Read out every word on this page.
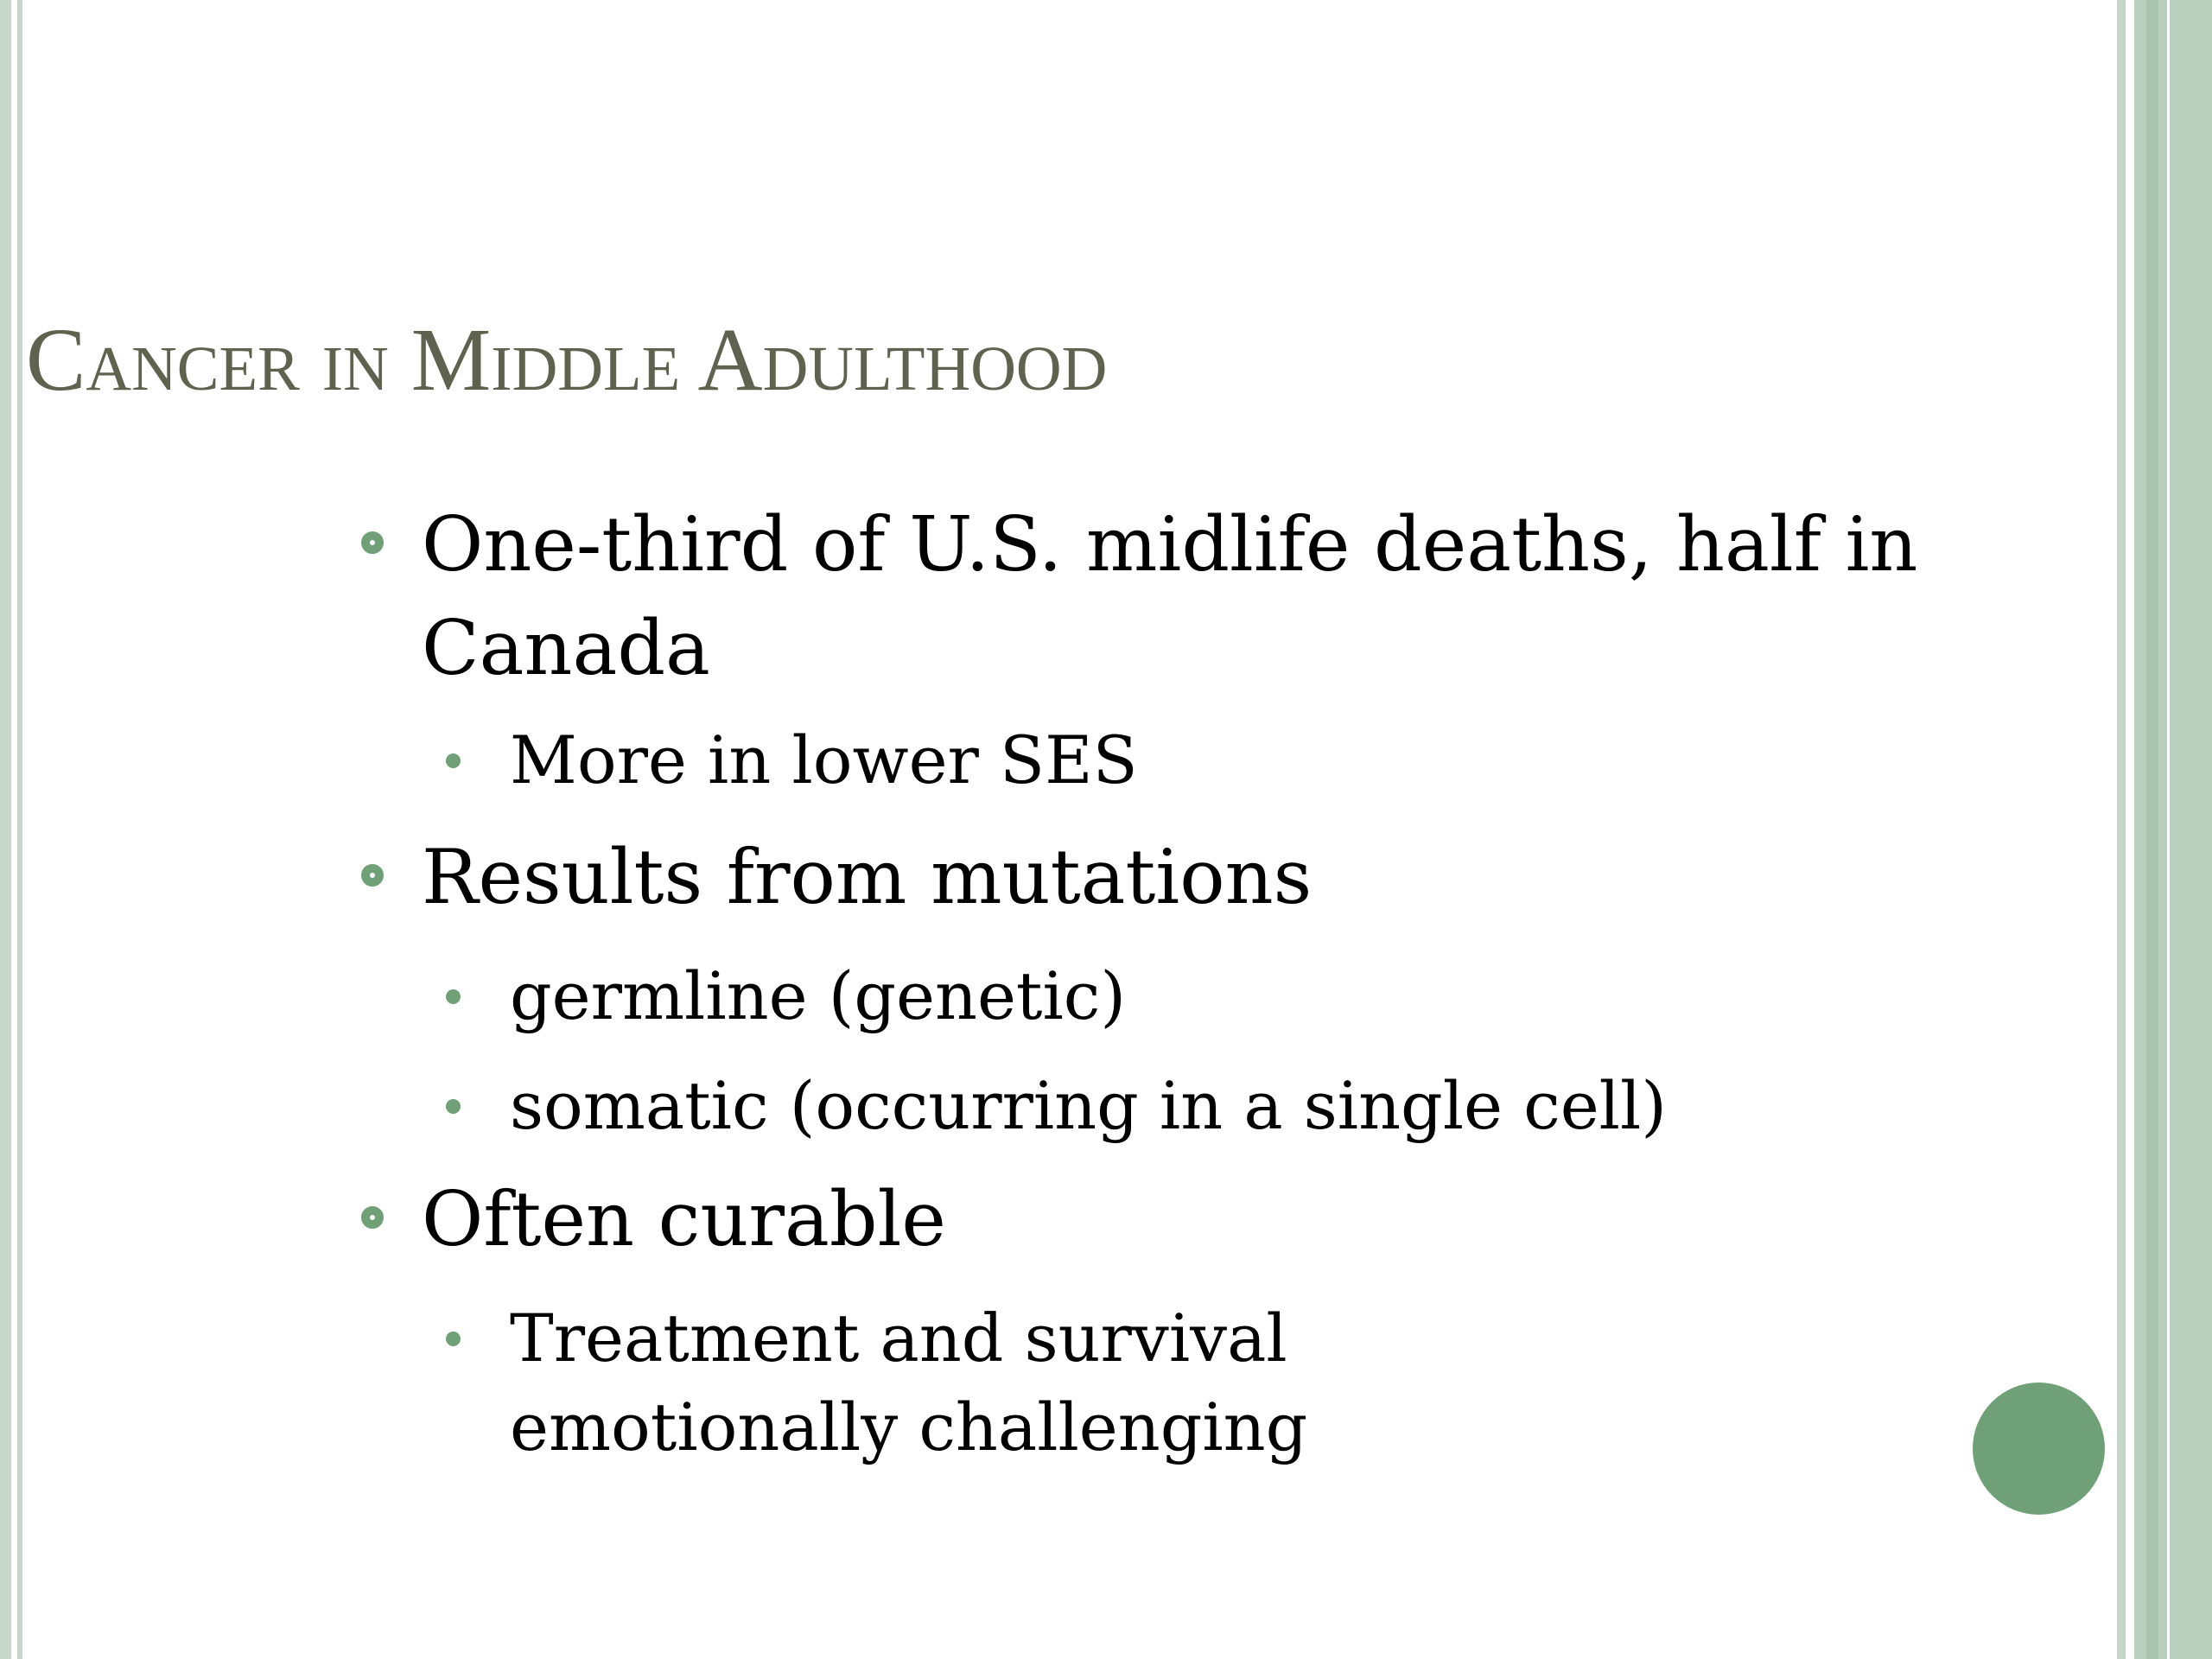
Cancer in Middle Adulthood

One-third of U.S. midlife deaths, half in Canada

More in lower SES

Results from mutations

germline (genetic)

somatic (occurring in a single cell)

Often curable

Treatment and survival emotionally challenging
